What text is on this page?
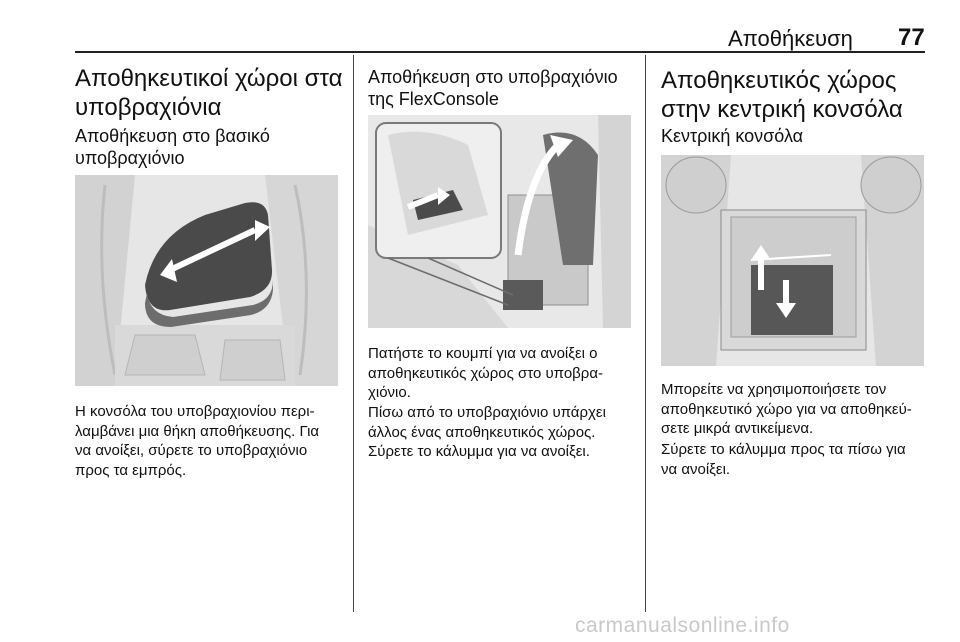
Αποθήκευση 77
Αποθηκευτικοί χώροι στα υποβραχιόνια
Αποθήκευση στο βασικό υποβραχιόνιο
Η κονσόλα του υποβραχιονίου περι-
λαμβάνει μια θήκη αποθήκευσης. Για
να ανοίξει, σύρετε το υποβραχιόνιο
προς τα εμπρός.
Αποθήκευση στο υποβραχιόνιο της FlexConsole
Πατήστε το κουμπί για να ανοίξει ο
αποθηκευτικός χώρος στο υποβρα-
χιόνιο.
Πίσω από το υποβραχιόνιο υπάρχει
άλλος ένας αποθηκευτικός χώρος.
Σύρετε το κάλυμμα για να ανοίξει.
Αποθηκευτικός χώρος στην κεντρική κονσόλα
Κεντρική κονσόλα
Μπορείτε να χρησιμοποιήσετε τον
αποθηκευτικό χώρο για να αποθηκεύ-
σετε μικρά αντικείμενα.
Σύρετε το κάλυμμα προς τα πίσω για
να ανοίξει.
carmanualsonline.info
